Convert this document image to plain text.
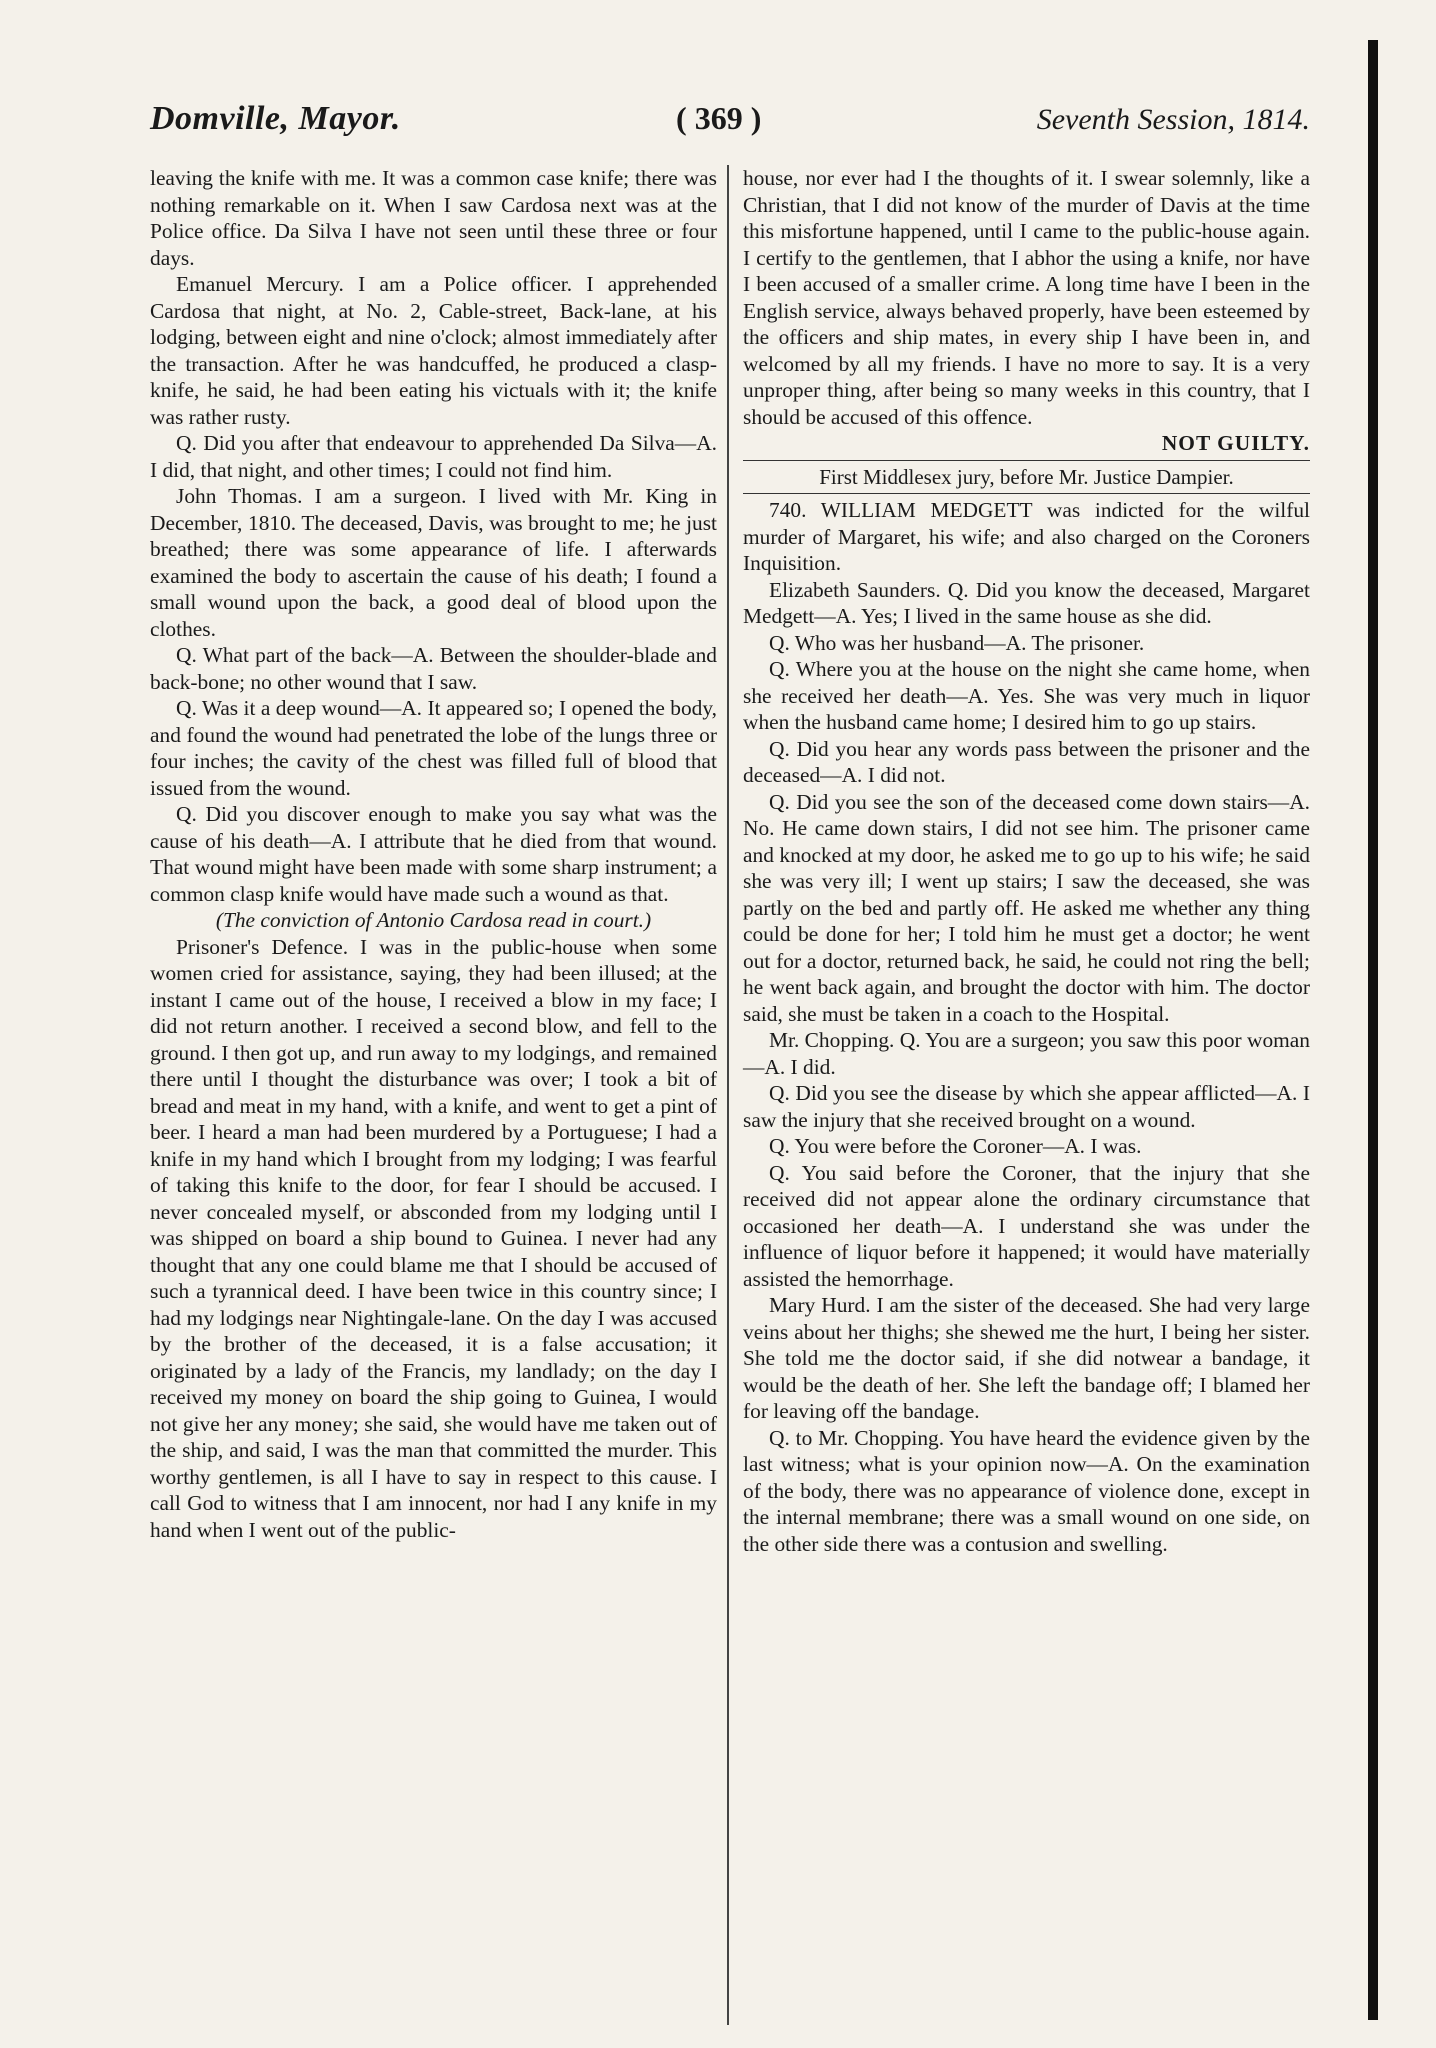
Domville, Mayor.	( 369 )	Seventh Session, 1814.

leaving the knife with me. It was a common case knife; there was nothing remarkable on it. When I saw Cardosa next was at the Police office. Da Silva I have not seen until these three or four days.

Emanuel Mercury. I am a Police officer. I apprehended Cardosa that night, at No. 2, Cable-street, Back-lane, at his lodging, between eight and nine o'clock; almost immediately after the transaction. After he was handcuffed, he produced a clasp-knife, he said, he had been eating his victuals with it; the knife was rather rusty.

Q. Did you after that endeavour to apprehended Da Silva—A. I did, that night, and other times; I could not find him.

John Thomas. I am a surgeon. I lived with Mr. King in December, 1810. The deceased, Davis, was brought to me; he just breathed; there was some appearance of life. I afterwards examined the body to ascertain the cause of his death; I found a small wound upon the back, a good deal of blood upon the clothes.

Q. What part of the back—A. Between the shoulder-blade and back-bone; no other wound that I saw.

Q. Was it a deep wound—A. It appeared so; I opened the body, and found the wound had penetrated the lobe of the lungs three or four inches; the cavity of the chest was filled full of blood that issued from the wound.

Q. Did you discover enough to make you say what was the cause of his death—A. I attribute that he died from that wound. That wound might have been made with some sharp instrument; a common clasp knife would have made such a wound as that.

(The conviction of Antonio Cardosa read in court.)

Prisoner's Defence. I was in the public-house when some women cried for assistance, saying, they had been illused; at the instant I came out of the house, I received a blow in my face; I did not return another. I received a second blow, and fell to the ground. I then got up, and run away to my lodgings, and remained there until I thought the disturbance was over; I took a bit of bread and meat in my hand, with a knife, and went to get a pint of beer. I heard a man had been murdered by a Portuguese; I had a knife in my hand which I brought from my lodging; I was fearful of taking this knife to the door, for fear I should be accused. I never concealed myself, or absconded from my lodging until I was shipped on board a ship bound to Guinea. I never had any thought that any one could blame me that I should be accused of such a tyrannical deed. I have been twice in this country since; I had my lodgings near Nightingale-lane. On the day I was accused by the brother of the deceased, it is a false accusation; it originated by a lady of the Francis, my landlady; on the day I received my money on board the ship going to Guinea, I would not give her any money; she said, she would have me taken out of the ship, and said, I was the man that committed the murder. This worthy gentlemen, is all I have to say in respect to this cause. I call God to witness that I am innocent, nor had I any knife in my hand when I went out of the public-

house, nor ever had I the thoughts of it. I swear solemnly, like a Christian, that I did not know of the murder of Davis at the time this misfortune happened, until I came to the public-house again. I certify to the gentlemen, that I abhor the using a knife, nor have I been accused of a smaller crime. A long time have I been in the English service, always behaved properly, have been esteemed by the officers and ship mates, in every ship I have been in, and welcomed by all my friends. I have no more to say. It is a very unproper thing, after being so many weeks in this country, that I should be accused of this offence.

NOT GUILTY.

First Middlesex jury, before Mr. Justice Dampier.

740. WILLIAM MEDGETT was indicted for the wilful murder of Margaret, his wife; and also charged on the Coroners Inquisition.

Elizabeth Saunders. Q. Did you know the deceased, Margaret Medgett—A. Yes; I lived in the same house as she did.

Q. Who was her husband—A. The prisoner.

Q. Where you at the house on the night she came home, when she received her death—A. Yes. She was very much in liquor when the husband came home; I desired him to go up stairs.

Q. Did you hear any words pass between the prisoner and the deceased—A. I did not.

Q. Did you see the son of the deceased come down stairs—A. No. He came down stairs, I did not see him. The prisoner came and knocked at my door, he asked me to go up to his wife; he said she was very ill; I went up stairs; I saw the deceased, she was partly on the bed and partly off. He asked me whether any thing could be done for her; I told him he must get a doctor; he went out for a doctor, returned back, he said, he could not ring the bell; he went back again, and brought the doctor with him. The doctor said, she must be taken in a coach to the Hospital.

Mr. Chopping. Q. You are a surgeon; you saw this poor woman—A. I did.

Q. Did you see the disease by which she appear afflicted—A. I saw the injury that she received brought on a wound.

Q. You were before the Coroner—A. I was.

Q. You said before the Coroner, that the injury that she received did not appear alone the ordinary circumstance that occasioned her death—A. I understand she was under the influence of liquor before it happened; it would have materially assisted the hemorrhage.

Mary Hurd. I am the sister of the deceased. She had very large veins about her thighs; she shewed me the hurt, I being her sister. She told me the doctor said, if she did notwear a bandage, it would be the death of her. She left the bandage off; I blamed her for leaving off the bandage.

Q. to Mr. Chopping. You have heard the evidence given by the last witness; what is your opinion now—A. On the examination of the body, there was no appearance of violence done, except in the internal membrane; there was a small wound on one side, on the other side there was a contusion and swelling.
